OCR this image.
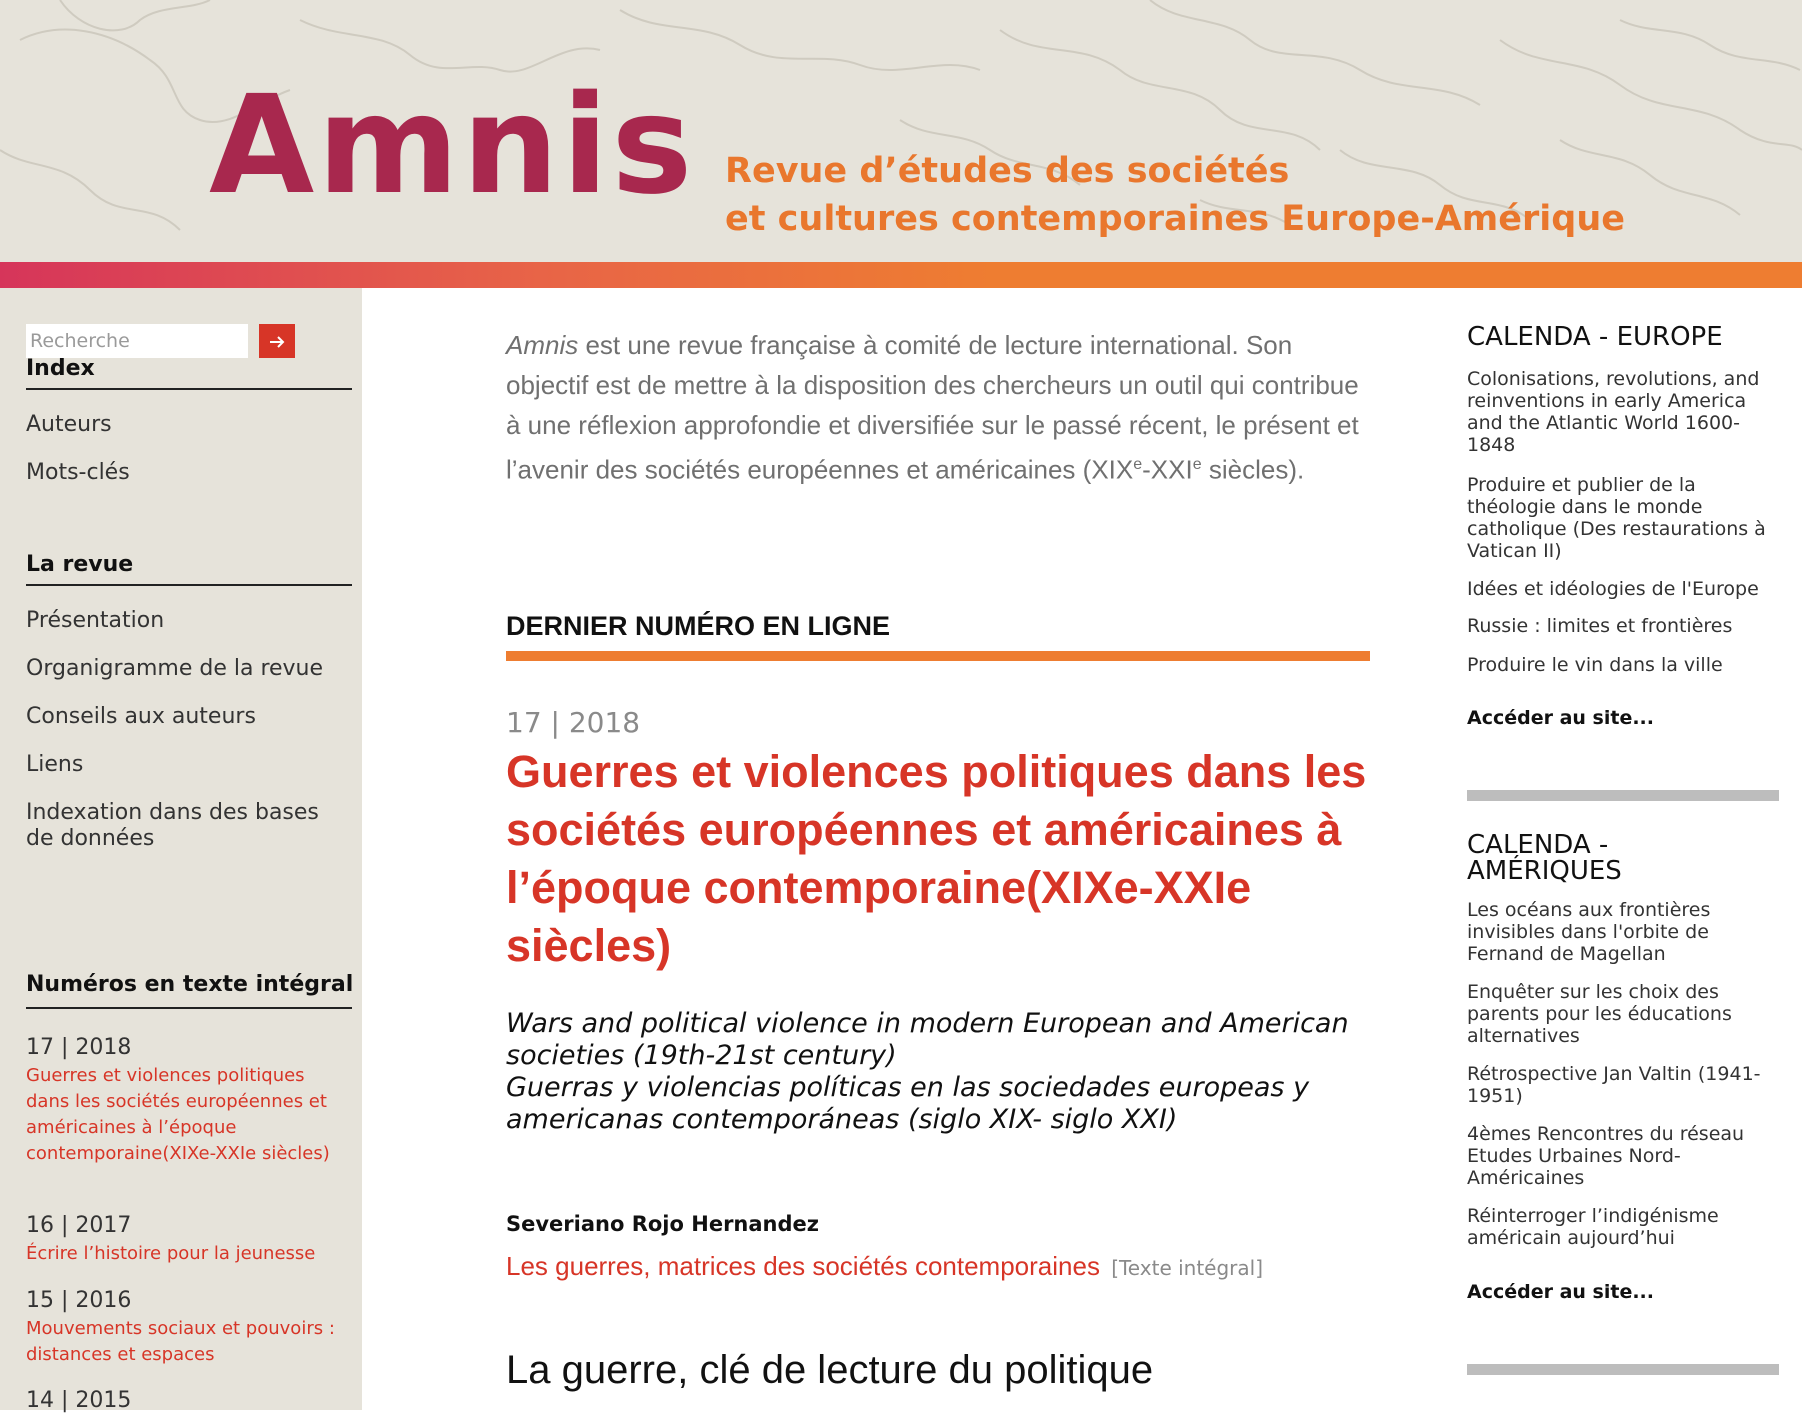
Amnis Revue d’études des sociétés
et cultures contemporaines Europe-Amérique
Recherche
Index
Auteurs
Mots-clés
La revue
Présentation
Organigramme de la revue
Conseils aux auteurs
Liens
Indexation dans des bases de données
Numéros en texte intégral
17 | 2018
Guerres et violences politiques dans les sociétés européennes et américaines à l’époque contemporaine(XIXe-XXIe siècles)
16 | 2017
Écrire l’histoire pour la jeunesse
15 | 2016
Mouvements sociaux et pouvoirs : distances et espaces
14 | 2015
Amnis est une revue française à comité de lecture international. Son objectif est de mettre à la disposition des chercheurs un outil qui contribue à une réflexion approfondie et diversifiée sur le passé récent, le présent et l’avenir des sociétés européennes et américaines (XIXe-XXIe siècles).
DERNIER NUMÉRO EN LIGNE
17 | 2018
Guerres et violences politiques dans les sociétés européennes et américaines à l’époque contemporaine(XIXe-XXIe siècles)
Wars and political violence in modern European and American societies (19th-21st century)
Guerras y violencias políticas en las sociedades europeas y americanas contemporáneas (siglo XIX- siglo XXI)
Severiano Rojo Hernandez
Les guerres, matrices des sociétés contemporaines [Texte intégral]
La guerre, clé de lecture du politique
CALENDA - EUROPE
Colonisations, revolutions, and reinventions in early America and the Atlantic World 1600-1848
Produire et publier de la théologie dans le monde catholique (Des restaurations à Vatican II)
Idées et idéologies de l'Europe
Russie : limites et frontières
Produire le vin dans la ville
Accéder au site...
CALENDA - AMÉRIQUES
Les océans aux frontières invisibles dans l'orbite de Fernand de Magellan
Enquêter sur les choix des parents pour les éducations alternatives
Rétrospective Jan Valtin (1941-1951)
4èmes Rencontres du réseau Etudes Urbaines Nord-Américaines
Réinterroger l’indigénisme américain aujourd’hui
Accéder au site...
